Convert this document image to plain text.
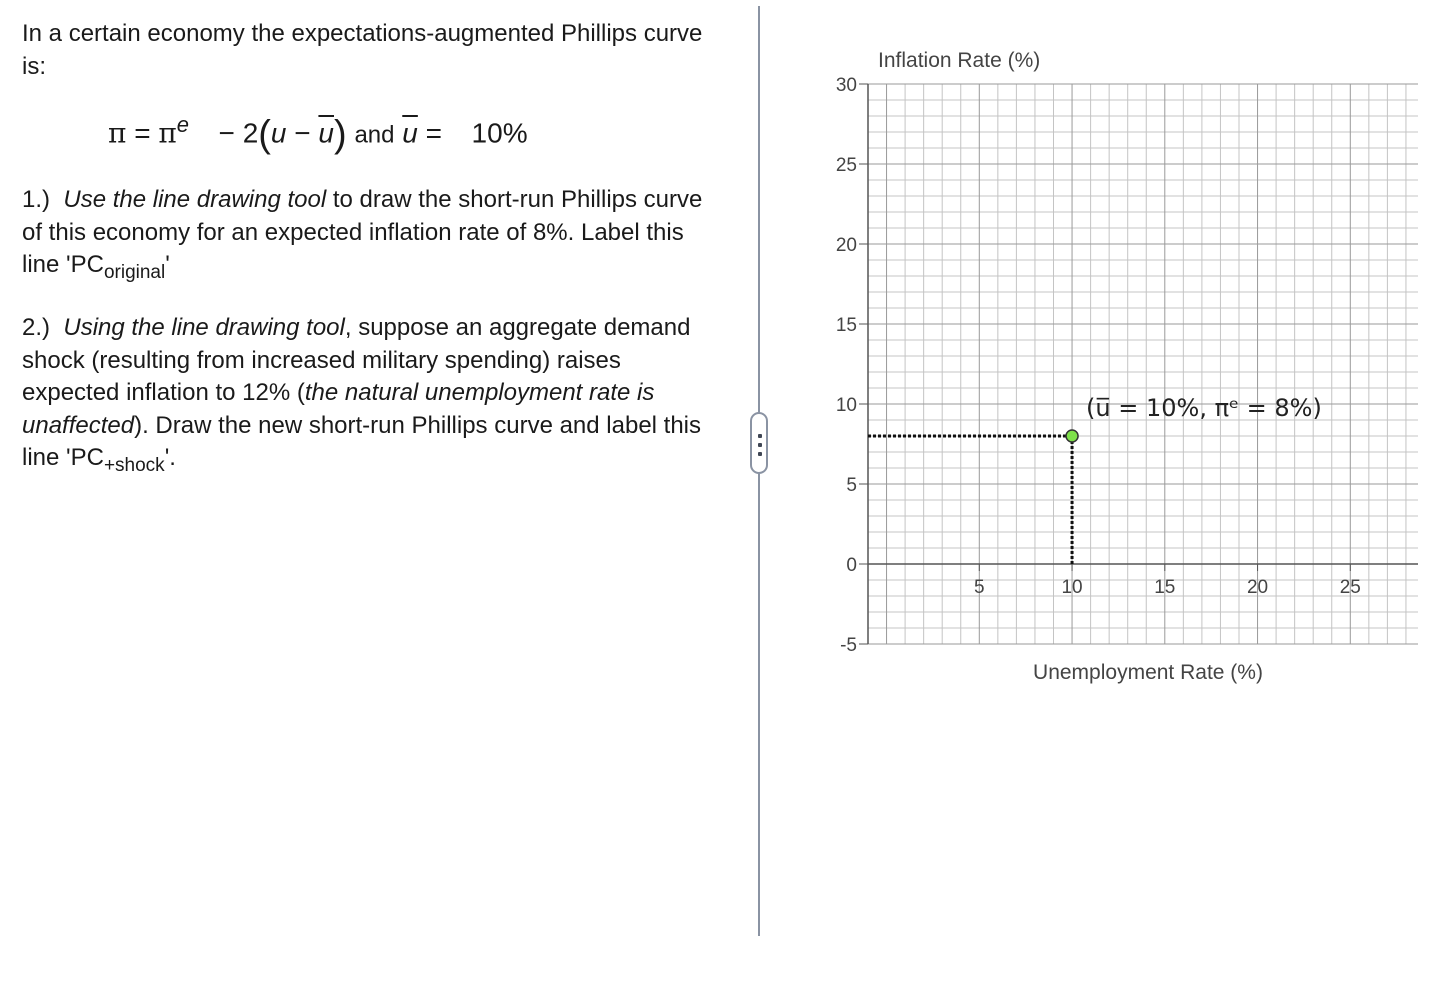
In a certain economy the expectations-augmented Phillips curve is:

$\pi = \pi^e - 2(u - \overline{u})$ and $\overline{u} = 10\%$

1.) Use the line drawing tool to draw the short-run Phillips curve of this economy for an expected inflation rate of 8%. Label this line '$PC_{original}$'

2.) Using the line drawing tool, suppose an aggregate demand shock (resulting from increased military spending) raises expected inflation to 12% (the natural unemployment rate is unaffected). Draw the new short-run Phillips curve and label this line '$PC_{+shock}$'.

-5
0
5
10
15
20
25
30
5	10	15	20	25
(u̅ = 10%, πᵉ = 8%)
Inflation Rate (%)
Unemployment Rate (%)
